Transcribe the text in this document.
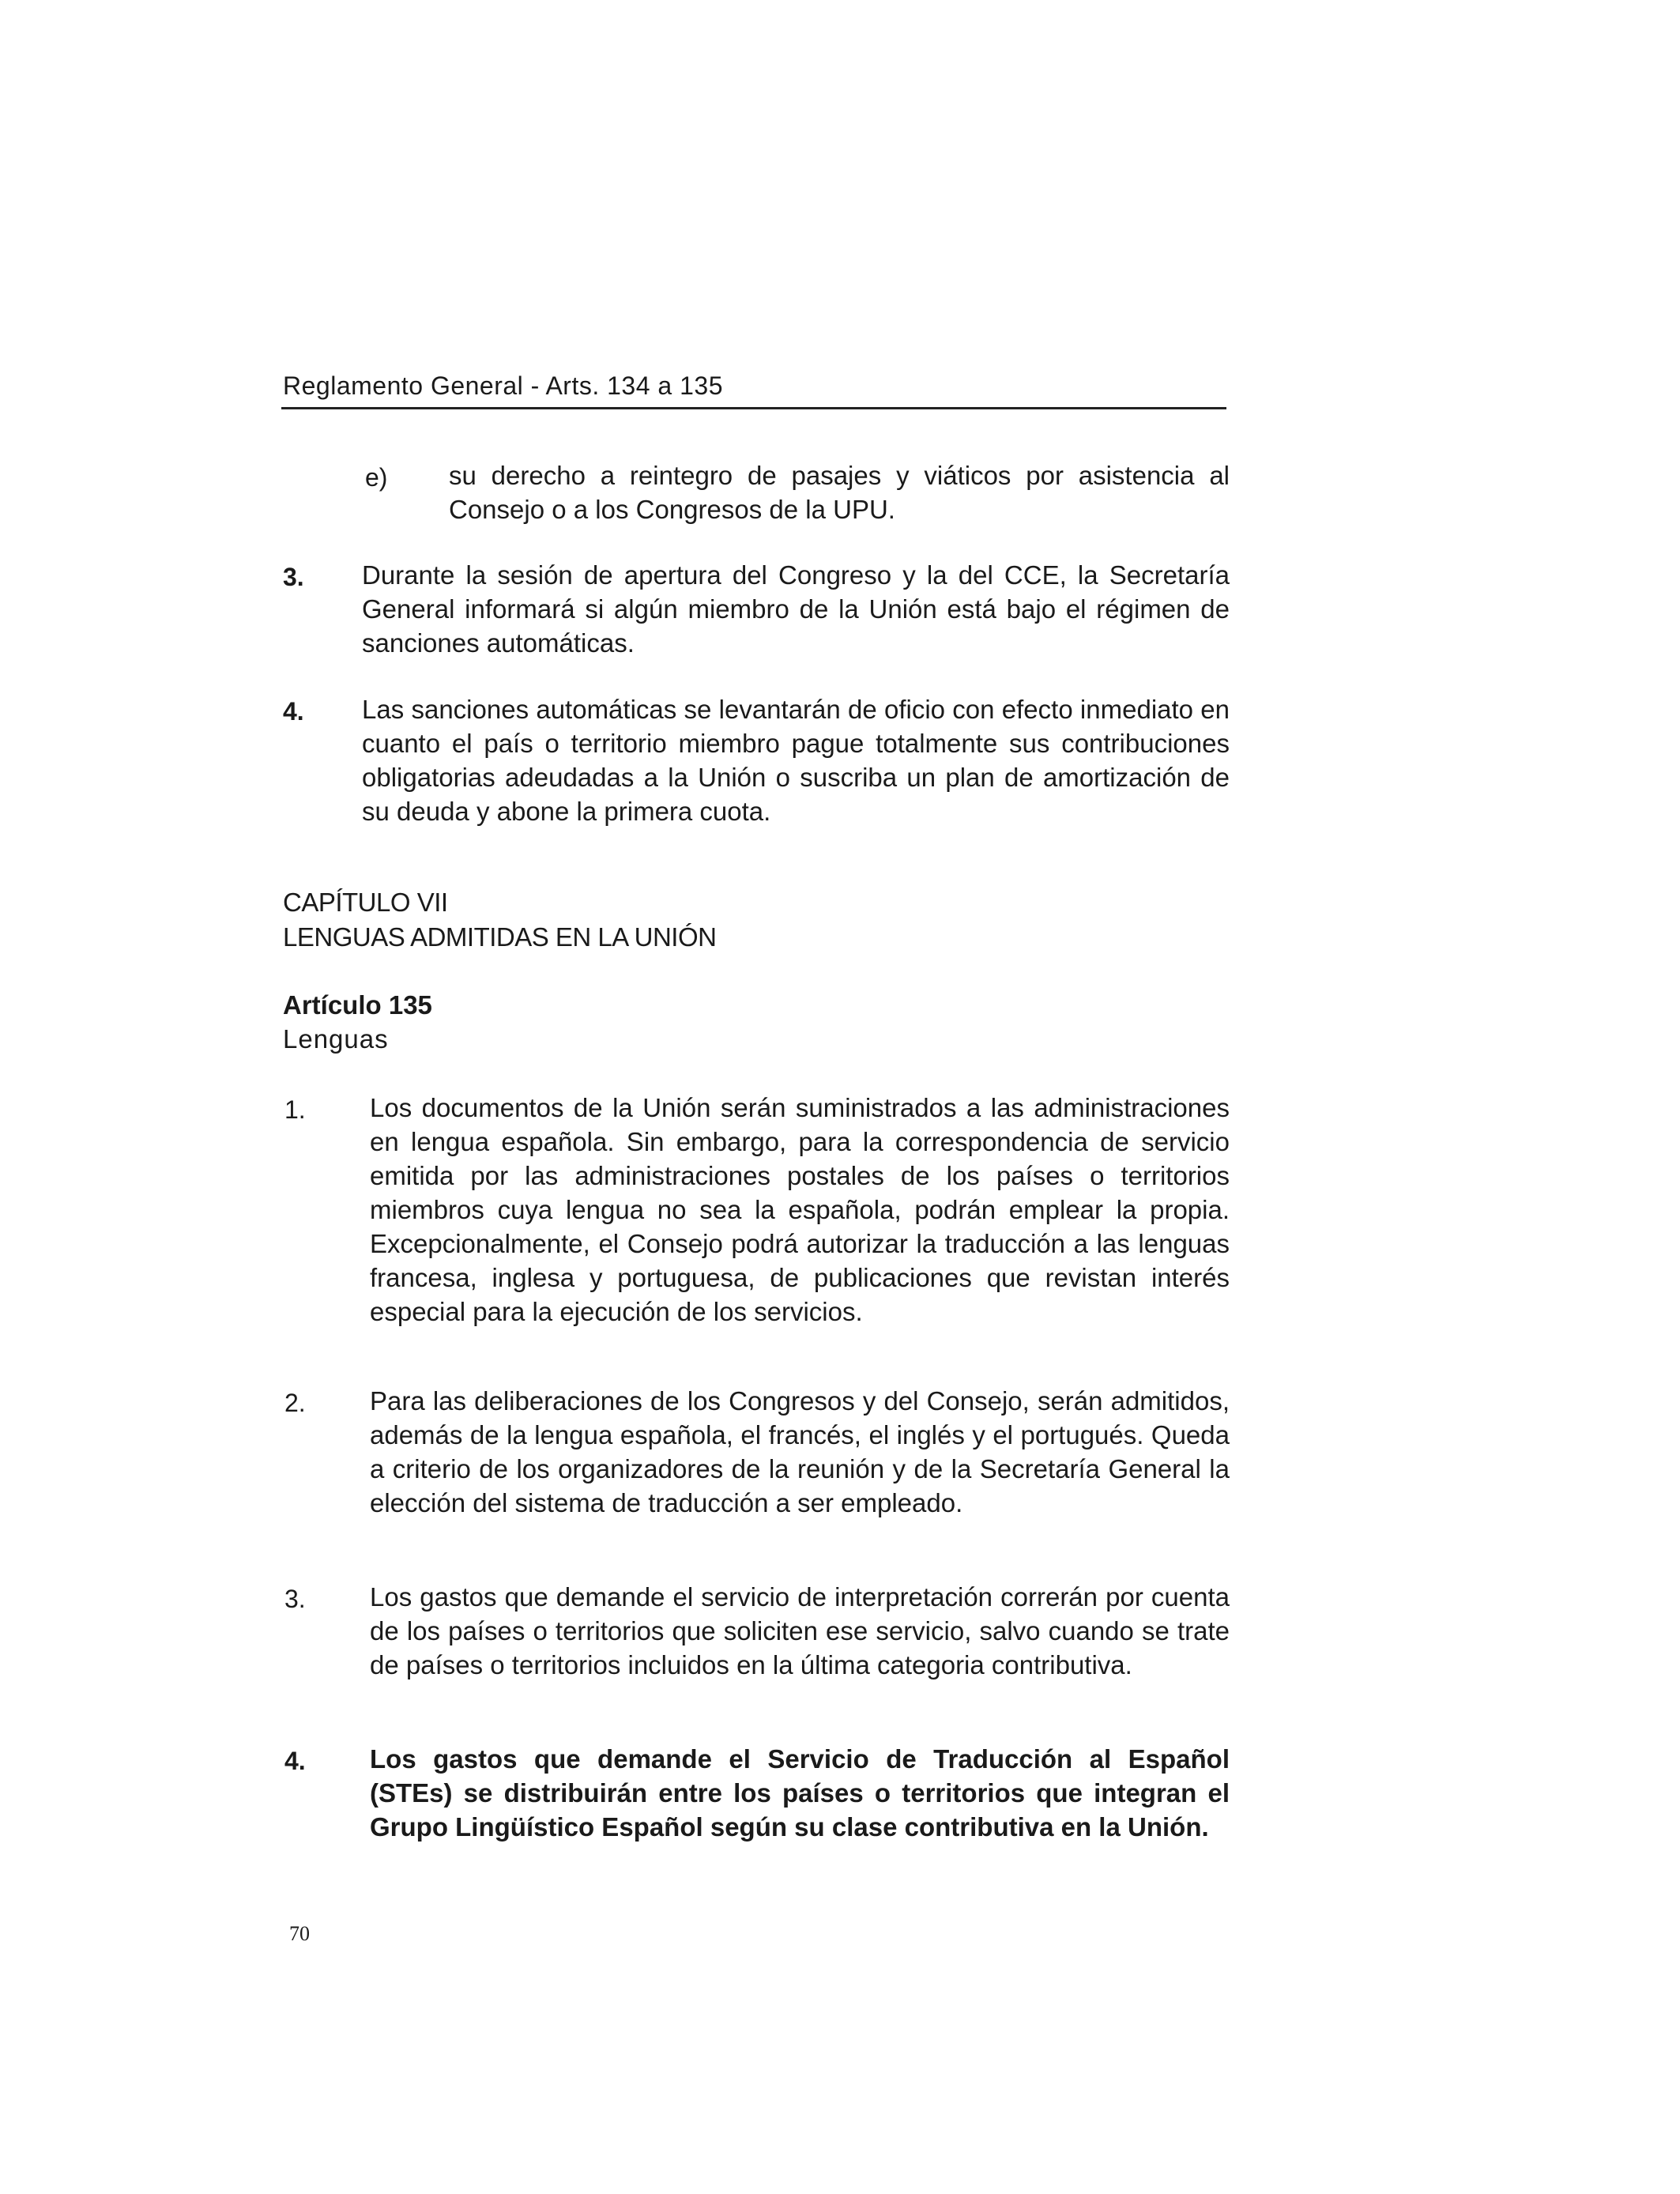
Reglamento General - Arts. 134 a 135
e) su derecho a reintegro de pasajes y viáticos por asistencia al Consejo o a los Congresos de la UPU.
3. Durante la sesión de apertura del Congreso y la del CCE, la Secretaría General informará si algún miembro de la Unión está bajo el régimen de sanciones automáticas.
4. Las sanciones automáticas se levantarán de oficio con efecto inmediato en cuanto el país o territorio miembro pague totalmente sus contribuciones obligatorias adeudadas a la Unión o suscriba un plan de amortización de su deuda y abone la primera cuota.
CAPÍTULO VII
LENGUAS ADMITIDAS EN LA UNIÓN
Artículo 135
Lenguas
1. Los documentos de la Unión serán suministrados a las administraciones en lengua española. Sin embargo, para la correspondencia de servicio emitida por las administraciones postales de los países o territorios miembros cuya lengua no sea la española, podrán emplear la propia. Excepcionalmente, el Consejo podrá autorizar la traducción a las lenguas francesa, inglesa y portuguesa, de publicaciones que revistan interés especial para la ejecución de los servicios.
2. Para las deliberaciones de los Congresos y del Consejo, serán admitidos, además de la lengua española, el francés, el inglés y el portugués. Queda a criterio de los organizadores de la reunión y de la Secretaría General la elección del sistema de traducción a ser empleado.
3. Los gastos que demande el servicio de interpretación correrán por cuenta de los países o territorios que soliciten ese servicio, salvo cuando se trate de países o territorios incluidos en la última categoria contributiva.
4. Los gastos que demande el Servicio de Traducción al Español (STEs) se distribuirán entre los países o territorios que integran el Grupo Lingüístico Español según su clase contributiva en la Unión.
70
